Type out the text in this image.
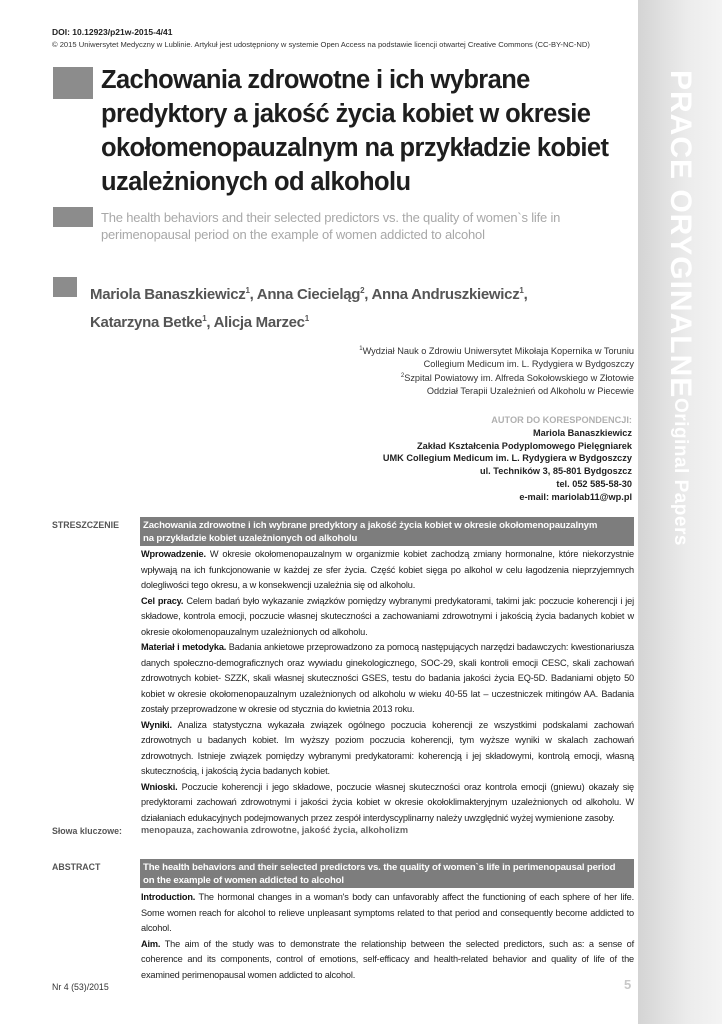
PRACE ORYGINALNE
Original Papers
DOI: 10.12923/p21w-2015-4/41
© 2015 Uniwersytet Medyczny w Lublinie. Artykuł jest udostępniony w systemie Open Access na podstawie licencji otwartej Creative Commons (CC-BY-NC-ND)
Zachowania zdrowotne i ich wybrane predyktory a jakość życia kobiet w okresie okołomenopauzalnym na przykładzie kobiet uzależnionych od alkoholu
The health behaviors and their selected predictors vs. the quality of women`s life in perimenopausal period on the example of women addicted to alcohol
Mariola Banaszkiewicz$^1$, Anna Ciecieląg$^2$, Anna Andruszkiewicz$^1$,
Katarzyna Betke$^1$, Alicja Marzec$^1$
$^1$Wydział Nauk o Zdrowiu Uniwersytet Mikołaja Kopernika w Toruniu
Collegium Medicum im. L. Rydygiera w Bydgoszczy
$^2$Szpital Powiatowy im. Alfreda Sokołowskiego w Złotowie
Oddział Terapii Uzależnień od Alkoholu w Piecewie
AUTOR DO KORESPONDENCJI:
Mariola Banaszkiewicz
Zakład Kształcenia Podyplomowego Pielęgniarek
UMK Collegium Medicum im. L. Rydygiera w Bydgoszczy
ul. Techników 3, 85-801 Bydgoszcz
tel. 052 585-58-30
e-mail: mariolab11@wp.pl
STRESZCZENIE	Zachowania zdrowotne i ich wybrane predyktory a jakość życia kobiet w okresie okołomenopauzalnym
na przykładzie kobiet uzależnionych od alkoholu

Wprowadzenie. W okresie okołomenopauzalnym w organizmie kobiet zachodzą zmiany hormonalne, które niekorzystnie wpływają na ich funkcjonowanie w każdej ze sfer życia. Część kobiet sięga po alkohol w celu łagodzenia nieprzyjemnych dolegliwości tego okresu, a w konsekwencji uzależnia się od alkoholu.

Cel pracy. Celem badań było wykazanie związków pomiędzy wybranymi predykatorami, takimi jak: poczucie koherencji i jej składowe, kontrola emocji, poczucie własnej skuteczności a zachowaniami zdrowotnymi i jakością życia badanych kobiet w okresie okołomenopauzalnym uzależnionych od alkoholu.

Materiał i metodyka. Badania ankietowe przeprowadzono za pomocą następujących narzędzi badawczych: kwestionariusza danych społeczno-demograficznych oraz wywiadu ginekologicznego, SOC-29, skali kontroli emocji CESC, skali zachowań zdrowotnych kobiet- SZZK, skali własnej skuteczności GSES, testu do badania jakości życia EQ-5D. Badaniami objęto 50 kobiet w okresie okołomenopauzalnym uzależnionych od alkoholu w wieku 40-55 lat – uczestniczek mitingów AA. Badania zostały przeprowadzone w okresie od stycznia do kwietnia 2013 roku.

Wyniki. Analiza statystyczna wykazała związek ogólnego poczucia koherencji ze wszystkimi podskalami zachowań zdrowotnych u badanych kobiet. Im wyższy poziom poczucia koherencji, tym wyższe wyniki w skalach zachowań zdrowotnych. Istnieje związek pomiędzy wybranymi predykatorami: koherencją i jej składowymi, kontrolą emocji, własną skutecznością, i jakością życia badanych kobiet.

Wnioski. Poczucie koherencji i jego składowe, poczucie własnej skuteczności oraz kontrola emocji (gniewu) okazały się predyktorami zachowań zdrowotnymi i jakości życia kobiet w okresie okołoklimakteryjnym uzależnionych od alkoholu. W działaniach edukacyjnych podejmowanych przez zespół interdyscyplinarny należy uwzględnić wyżej wymienione zasoby.

Słowa kluczowe: menopauza, zachowania zdrowotne, jakość życia, alkoholizm
ABSTRACT	The health behaviors and their selected predictors vs. the quality of women`s life in perimenopausal period
on the example of women addicted to alcohol

Introduction. The hormonal changes in a woman's body can unfavorably affect the functioning of each sphere of her life. Some women reach for alcohol to relieve unpleasant symptoms related to that period and consequently become addicted to alcohol.

Aim. The aim of the study was to demonstrate the relationship between the selected predictors, such as: a sense of coherence and its components, control of emotions, self-efficacy and health-related behavior and quality of life of the examined perimenopausal women addicted to alcohol.

Nr 4 (53)/2015	5
